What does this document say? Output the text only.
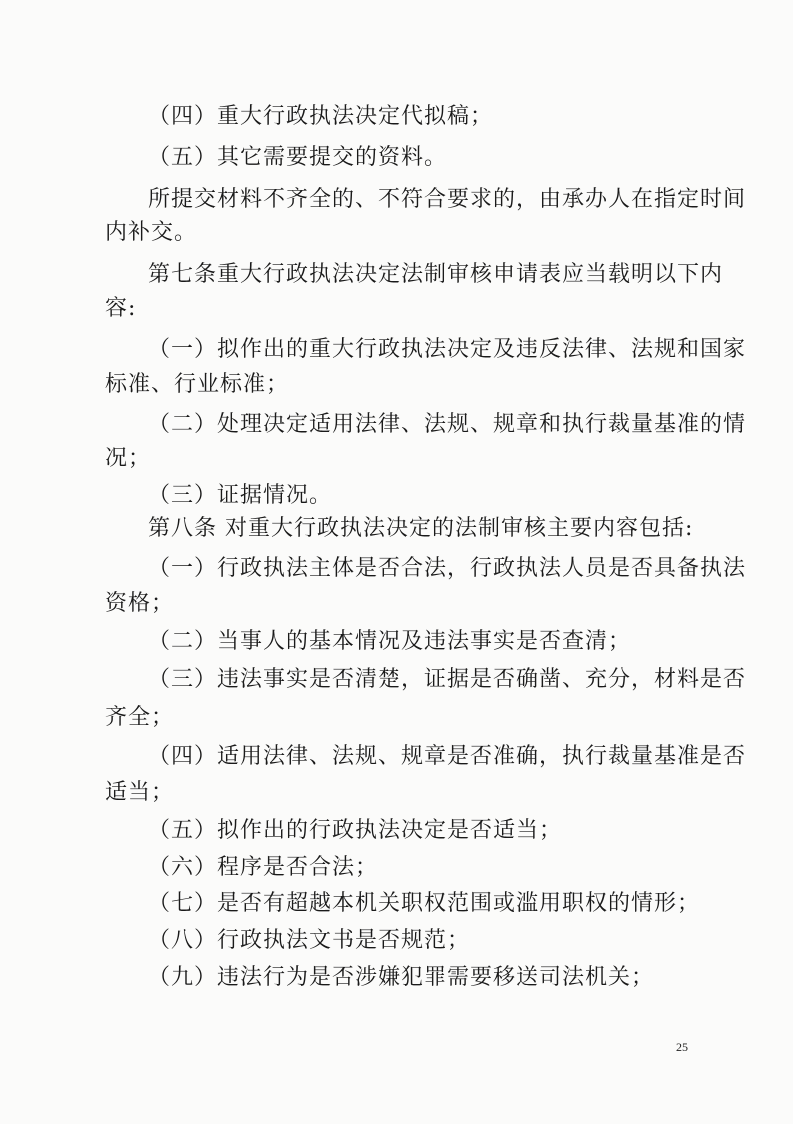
（四）重大行政执法决定代拟稿；
（五）其它需要提交的资料。
所提交材料不齐全的、不符合要求的，由承办人在指定时间
内补交。
第七条重大行政执法决定法制审核申请表应当载明以下内
容:
（一）拟作出的重大行政执法决定及违反法律、法规和国家
标准、行业标准；
（二）处理决定适用法律、法规、规章和执行裁量基准的情
况；
（三）证据情况。
第八条 对重大行政执法决定的法制审核主要内容包括:
（一）行政执法主体是否合法，行政执法人员是否具备执法
资格；
（二）当事人的基本情况及违法事实是否查清；
（三）违法事实是否清楚，证据是否确凿、充分，材料是否
齐全；
（四）适用法律、法规、规章是否准确，执行裁量基准是否
适当；
（五）拟作出的行政执法决定是否适当；
（六）程序是否合法；
（七）是否有超越本机关职权范围或滥用职权的情形；
（八）行政执法文书是否规范；
（九）违法行为是否涉嫌犯罪需要移送司法机关；
25
